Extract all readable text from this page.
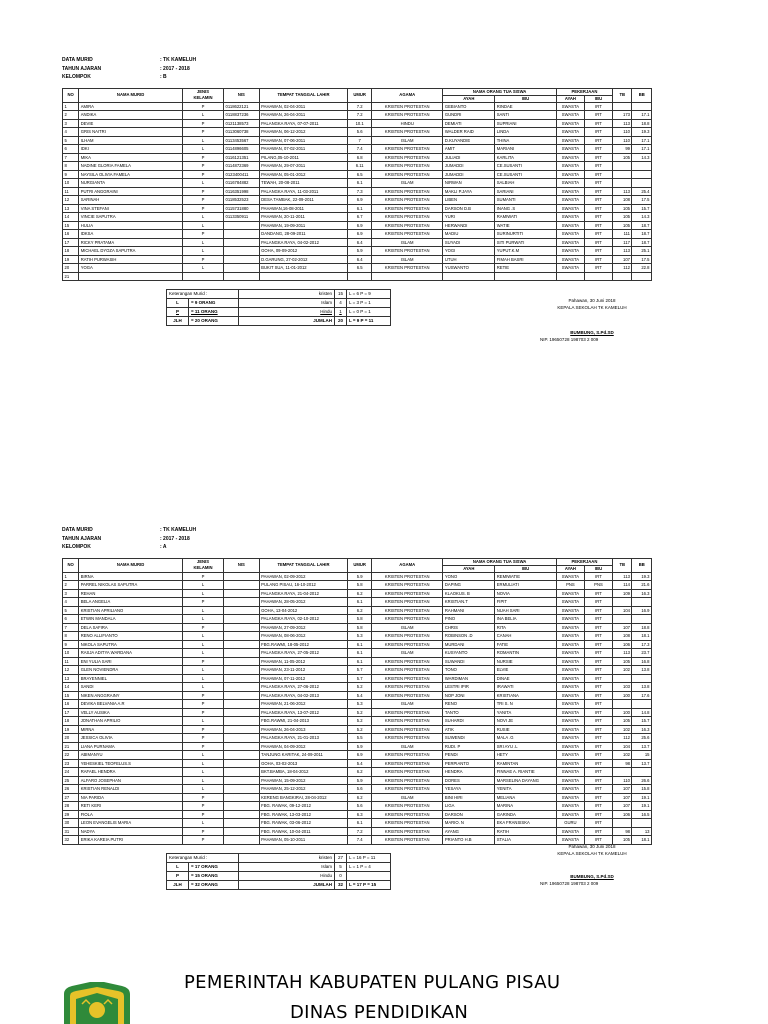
DATA MURID	: TK KAMELUH
TAHUN AJARAN	: 2017 - 2018
KELOMPOK	: B
NO	NAMA MURID	JENIS
KELAMIN	NIS	TEMPAT TANGGAL LAHIR	UMUR	AGAMA	NAMA ORANG TUA SISWA		PEKERJAAN		TB	BB
							AYAH	IBU	AYAH	IBU		
1	AMIRA	P	0118622121	PAHAWAN, 02-04-2011	7.2	KRISTEN PROTESTAN	GEBIANTO	RINDAE	SWASTA	IRT		
2	ANDIKA	L	0118837236	PAHAWAN, 26-04-2011	7.2	KRISTEN PROTESTAN	GUNDRI	SANTI	SWASTA	IRT	173	17.1
3	DEVIE	P	0121138573	PALANGKA RAYA, 07-07-2011	10.1	HINDU	DEMIATI	SUPRIANI	SWASTA	IRT	113	18.8
4	GRIS NAITRI	P	0113060738	PAHAWAN, 06-12-2012	5.6	KRISTEN PROTESTAN	WALDER RAID	LINDA	SWASTA	IRT	110	19.3
5	ILHAM	L	0113453567	PAHAWAN, 07-06-2011	7	ISLAM	D.KUYANDIE	THINA	SWASTA	IRT	110	17.1
6	IDKI	L	0114896605	PAHAWAN, 07-02-2011	7.4	KRISTEN PROTESTAN	AMIT	MARIANI	SWASTA	IRT	99	17.1
7	MIKA	P	0116121351	PILANG,05-10-2011	6.8	KRISTEN PROTESTAN	JULIADI	KARLITA	SWASTA	IRT	105	14.3
8	NADINE GLORIA FAMELA	P	0114872369	PAHAWAN, 29-07-2011	6.11	KRISTEN PROTESTAN	JUMADDI	CE.SUSANTI	SWASTA	IRT		
9	NAYSILA OLIVIA FAMELA	P	0123400411	PAHAWAN, 05-01-2012	6.5	KRISTEN PROTESTAN	JUMADDI	CE.SUSANTI	SWASTA	IRT		
10	NURGIANTA	L	0116784882	TEWAH, 20-08-2011	6.1	ISLAM	NIRWAN	SALBIAH	SWASTA	IRT		
11	PUTRI ANGGRAINI	P	0116351998	PALANGKA RAYA, 11-03-2011	7.3	KRISTEN PROTESTAN	MAKLI P.JAYA	SARIANI	SWASTA	IRT	113	25.4
12	SARINAH	P	0118532523	DESA TAMBAK, 22-09-2011	6.9	KRISTEN PROTESTAN	LIBEN	SUMANTI	SWASTA	IRT	108	17.5
13	VINA STEFANI	P	0115731880	PAHAWAN,16-08-2011	6.1	KRISTEN PROTESTAN	DARSON D.B	INANG .S	SWASTA	IRT	105	15.7
14	VINCIE SAPUTRA	L	0113350911	PAHAWAN, 20-11-2011	6.7	KRISTEN PROTESTAN	YURI	RAMIWATI	SWASTA	IRT	105	14.3
15	HULIA	L		PAHAWAN, 19-09-2011	6.9	KRISTEN PROTESTAN	HERWANDI	WATIE	SWASTA	IRT	105	18.7
16	IDKSA	P		DANDANG, 28-09-2011	6.9	KRISTEN PROTESTAN	MADIU	SURINURTITI	SWASTA	IRT	111	18.7
17	RICKY PRATAMA	L		PALANGKA RAYA, 04-02-2012	6.4	ISLAM	SUYADI	SITI PURWATI	SWASTA	IRT	117	18.7
18	MICHAEL DYOZA SAPUTRA	L		GOHA, 09-09-2012	5.9	KRISTEN PROTESTAN	YOGI	YUPUT.K.M	SWASTA	IRT	113	25.1
19	RATIH PURWASIH	P		D.GARUNG, 27-02-2012	6.4	ISLAM	UTUH	FIMAH BASRI	SWASTA	IRT	107	17.5
20	YOGA	L		BUKIT SUA, 11-01-2012	6.5	KRISTEN PROTESTAN	YUSWANTO	RETIE	SWASTA	IRT	112	22.8
21												
Keterangan Murid :		kristen	15	L = 6 P = 9
L	= 9 ORANG	Islam	4	L = 3 P = 1
P	= 11 ORANG	Hindu	1	L = 0 P = 1
JLH	= 20 ORANG	JUMLAH	20	L = 9 P = 11
Pahawan, 30 Juni 2018
KEPALA SEKOLAH TK KAMELUH
BUMBUNG, S.Pd.SD
NIP. 19650728 198703 2 009
DATA MURID	: TK KAMELUH
TAHUN AJARAN	: 2017 - 2018
KELOMPOK	: A
NO	NAMA MURID	JENIS
KELAMIN	NIS	TEMPAT TANGGAL LAHIR	UMUR	AGAMA	NAMA ORANG TUA SISWA		PEKERJAAN		TB	BB
							AYAH	IBU	AYAH	IBU		
1	BIRNA	P		PAHAWAN, 02-09-2012	5.9	KRISTEN PROTESTAN	YONO	REMIWATIE	SWASTA	IRT	113	19.3
2	PARREL NIKOLAS SAPUTRA	L		PULANG PISAU, 16-10-2012	5.8	KRISTEN PROTESTAN	DAPING	ERMULIATI	PNS	PNS	114	21.6
3	REHAN	L		PALANGKA RAYA, 21-04-2012	6.2	KRISTEN PROTESTAN	KLAOKUS. B	NOVIA	SWASTA	IRT	109	16.3
4	BELA ANGELIA	P		PAHAWAN, 28-05-2012	6.1	KRISTEN PROTESTAN	KRISTIAN.T	FIPIT	SWASTA	IRT		
5	KRISTIAN APRILIANO	L		GOHA, 13-04-2012	6.2	KRISTEN PROTESTAN	RAHMANI	NUAH SARI	SWASTA	IRT	104	16.9
6	ETWIN MANDALA	L		PALANGKA RAYA, 02-10-2012	5.8	KRISTEN PROTESTAN	PINO	INA BELIA	SWASTA	IRT		
7	DELA SAFIRA	P		PAHAWAN, 27-09-2012	5.8	ISLAM	CHRIS	RITA	SWASTA	IRT	107	18.8
8	RENO ALLIFIANTO	L		PAHAWAN, 08-06-2012	5.3	KRISTEN PROTESTAN	ROBINSON .D	CANAH	SWASTA	IRT	108	18.1
9	NIKOLA SAPUTRA	L		FBG.RAWMI, 18-05-2012	6.1	KRISTEN PROTESTAN	MURDANI	FATIE	SWASTA	IRT	106	17.3
10	RASJA ADITYA WARDANA	L		PALANGKA RAYA, 27-05-2012	6.1	ISLAM	KUSYANTO	ROMANTIN	SWASTA	IRT	113	23.7
11	ENI YULIA SARI	P		PAHAWAN, 11-05-2012	6.1	KRISTEN PROTESTAN	SUWANDI	NURSIE	SWASTA	IRT	105	16.8
12	GLEN NOVIENDRA	L		PAHAWAN, 23-11-2012	5.7	KRISTEN PROTESTAN	TONO	ELVIE	SWASTA	IRT	102	13.8
13	BRAYENNIEL	L		PAHAWAN, 07-11-2012	5.7	KRISTEN PROTESTAN	WARDIMAN	DINAE	SWASTA	IRT		
14	SANDI	L		PALANGKA RAYA, 27-06-2012	5.2	KRISTEN PROTESTAN	LESTRI IPIR	IRAWATI	SWASTA	IRT	103	13.8
15	NIKEN ANGGRAINY	P		PALANGKA RAYA, 04-02-2013	5.4	KRISTEN PROTESTAN	NOP JONI	KRISTIANA	SWASTA	IRT	100	17.6
16	DEVIKA BELVANIA A.R	P		PAHAWAN, 21-06-2012	5.3	ISLAM	RENO	TRI S. N	SWASTA	IRT		
17	VELLY AUSIKA	P		PALANGKA RAYA, 13-07-2012	5.2	KRISTEN PROTESTAN	TANTO	YANITA	SWASTA	IRT	100	14.8
18	JONATHAN APRILIO	L		FBG.RAWMI, 21-04-2013	5.2	KRISTEN PROTESTAN	SUHARDI	NOVI JE	SWASTA	IRT	105	15.7
19	MIRNA	P		PAHAWAN, 26-04-2013	5.2	KRISTEN PROTESTAN	ATIK	RUSIE	SWASTA	IRT	102	16.3
20	JESSICA OLIVIA	P		PALANGKA RAYA, 21-01-2013	5.5	KRISTEN PROTESTAN	SUWENDI	MALA .G	SWASTA	IRT	112	25.6
21	LIANA PURNAMA	P		PAHAWAN, 04-09-2012	5.9	ISLAM	RUDI. P	SRI AYU .L	SWASTA	IRT	104	13.7
22	ABIMANYU	L		TANJUNG KARITAK, 24-09-2011	6.9	KRISTEN PROTESTAN	PENDI	HETY	SWASTA	IRT	102	15
23	YEHESKIEL TEOFELUS.S	L		GOHA, 03-02-2013	5.4	KRISTEN PROTESTAN	PERPIANTO	RAMINTAN	SWASTA	IRT	98	13.7
24	RAFAEL HENDRA	L		BKT.BAMBA, 18-04-2012	6.2	KRISTEN PROTESTAN	HENDRA	FINNAE A. RIANTIE	SWASTA	IRT		
25	ALFARO JOSEPHAN	L		PAHAWAN, 15-09-2012	5.9	KRISTEN PROTESTAN	DORES	MARSELINA DAYANG	SWASTA	IRT	110	26.6
26	KRISTIAN RENALDI	L		PAHAWAN, 25-12-2012	5.6	KRISTEN PROTESTAN	YESAYA	YENITA	SWASTA	IRT	107	15.8
27	NIA PARIDA	P		KERENG BANGKIRAI, 28-04-2012	6.2	ISLAM	BINI HIRI	MELIANA	SWASTA	IRT	107	19.1
28	RETI KERI	P		FBG. RAWAK, 09-12-2012	5.6	KRISTEN PROTESTAN	LIGA	MARINA	SWASTA	IRT	107	19.1
29	FIOLA	P		FBG. RAWAK, 13-03-2012	6.3	KRISTEN PROTESTAN	DARSON	GARINDA	SWASTA	IRT	106	16.5
30	LEON EVANGELIS MARIA	L		FBG. RAWAK, 03-06-2012	6.1	KRISTEN PROTESTAN	MARIO. N	EKA FRANSISKA	GURU	IRT		
31	NADYA	P		FBG. RAWAK, 10-04-2011	7.2	KRISTEN PROTESTAN	AYANG	RATIH	SWASTA	IRT	98	13
32	ERIKA KAREIA PUTRI	P		PAHAWAN, 05-10-2011	7.4	KRISTEN PROTESTAN	PRIANTO H.B	STALIA	SWASTA	IRT	105	18.1
Keterangan Murid :		kristen	27	L = 16 P = 11
L	= 17 ORANG	Islam	5	L = 1 P = 4
P	= 15 ORANG	Hindu	0	
JLH	= 32 ORANG	JUMLAH	32	L = 17 P = 15
Pahawan, 30 Juni 2018
KEPALA SEKOLAH TK KAMELUH
BUMBUNG, S.Pd.SD
NIP. 19650728 198703 2 009
PEMERINTAH KABUPATEN PULANG PISAU
DINAS PENDIDIKAN
